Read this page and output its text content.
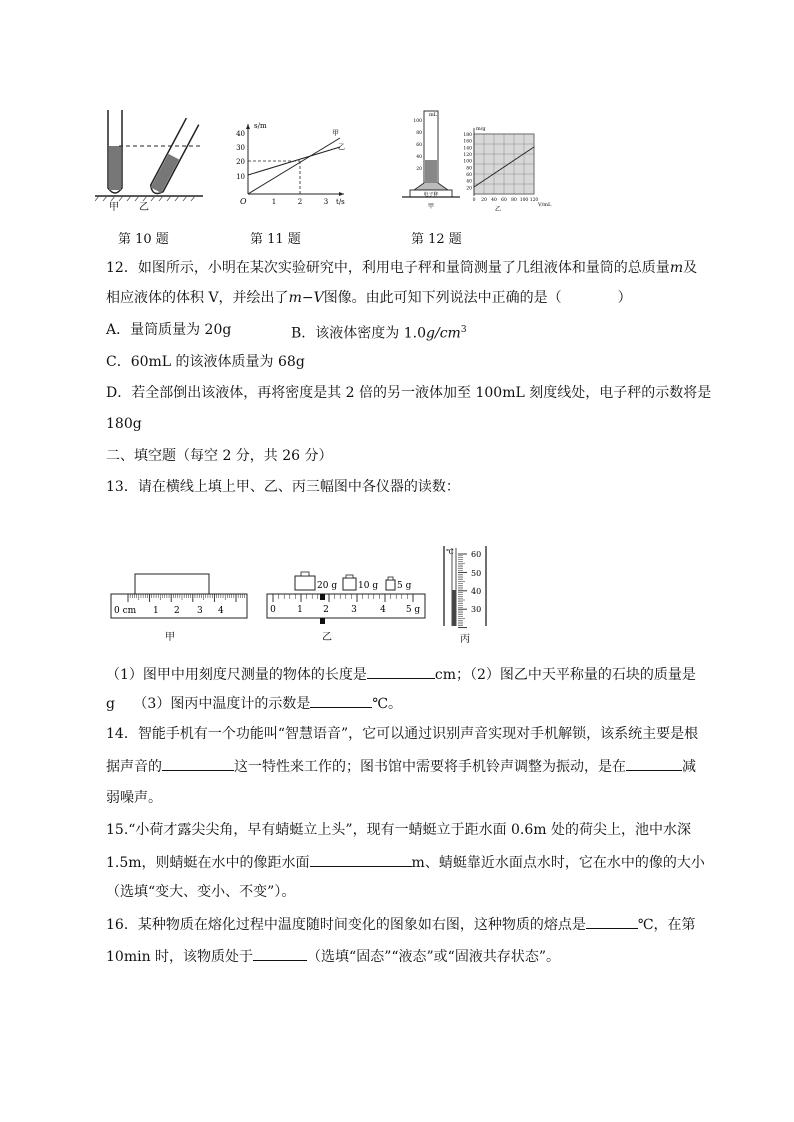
甲 乙
s/m
t/s
O
40
30
20
10
1	2	3
甲
乙
mL
100
80
60
40
20
电子秤
甲
m/g
V/mL
180
160
140
120
100
80
60
40
20
0 20 40 60 80 100 120
乙
第 10 题	第 11 题	第 12 题
12．如图所示，小明在某次实验研究中，利用电子秤和量筒测量了几组液体和量筒的总质量m及
相应液体的体积 V，并绘出了m−V图像。由此可知下列说法中正确的是（　　　　）
A．量筒质量为 20g	B．该液体密度为 $1.0g/cm^3$
C．60mL 的该液体质量为 68g
D．若全部倒出该液体，再将密度是其 2 倍的另一液体加至 100mL 刻度线处，电子秤的示数将是
180g
二、填空题（每空 2 分，共 26 分）
13．请在横线上填上甲、乙、丙三幅图中各仪器的读数：
0 cm 1 2 3 4
甲
20 g 10 g 5 g
0 1 2 3	4 5 g
乙
℃ 60
50
40
30
丙
（1）图甲中用刻度尺测量的物体的长度是	cm；（2）图乙中天平称量的石块的质量是
g　 （3）图丙中温度计的示数是	℃。
14．智能手机有一个功能叫“智慧语音”，它可以通过识别声音实现对手机解锁，该系统主要是根
据声音的	这一特性来工作的；图书馆中需要将手机铃声调整为振动，是在	减
弱噪声。
15.“小荷才露尖尖角，早有蜻蜓立上头”，现有一蜻蜓立于距水面 0.6m 处的荷尖上，池中水深
1.5m，则蜻蜓在水中的像距水面	m、蜻蜓靠近水面点水时，它在水中的像的大小
（选填“变大、变小、不变”）。
16．某种物质在熔化过程中温度随时间变化的图象如右图，这种物质的熔点是	℃，在第
10min 时，该物质处于	（选填“固态”“液态”或“固液共存状态”。
